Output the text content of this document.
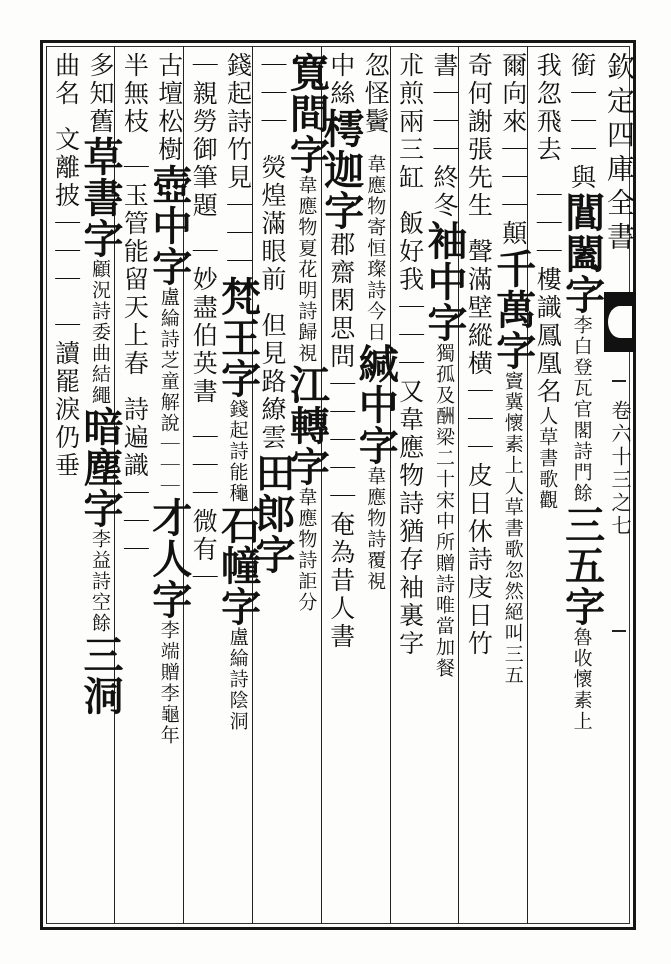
欽定四庫全書
卷六十三之七
銜｜｜｜與閶闔字李白登瓦官閣詩門餘三五字魯收懷素上
我忽飛去｜｜｜樓識鳳凰名人草書歌觀
爾向來｜｜｜顛千萬字竇冀懷素上人草書歌忽然絕叫三五
奇何謝張先生聲滿壁縱横｜｜｜皮日休詩庋日竹
書｜｜｜終冬袖中字獨孤及酬梁二十宋中所贈詩唯當加餐
朮煎兩三缸飯好我｜｜｜又韋應物詩猶存袖裏字
忽怪鬢韋應物寄恒璨詩今日緘中字韋應物詩覆視
中絲樗迦字郡齋閑思問｜｜｜｜｜奄為昔人書
寬間字韋應物夏花明詩歸視江轉字韋應物詩詎分
｜｜｜熒煌滿眼前但見路繚雲田郎字
錢起詩竹見｜｜｜梵王字錢起詩能龝石幢字盧綸詩陰洞
｜親勞御筆題｜妙盡伯英書｜｜｜微有｜
古壇松樹壺中字盧綸詩芝童解說｜｜｜才人字李端贈李龜年
半無枝｜玉管能留天上春詩遍識｜｜｜
多知舊草書字顧況詩委曲結繩暗塵字李益詩空餘三洞
曲名文離披｜｜｜｜讀罷淚仍垂
